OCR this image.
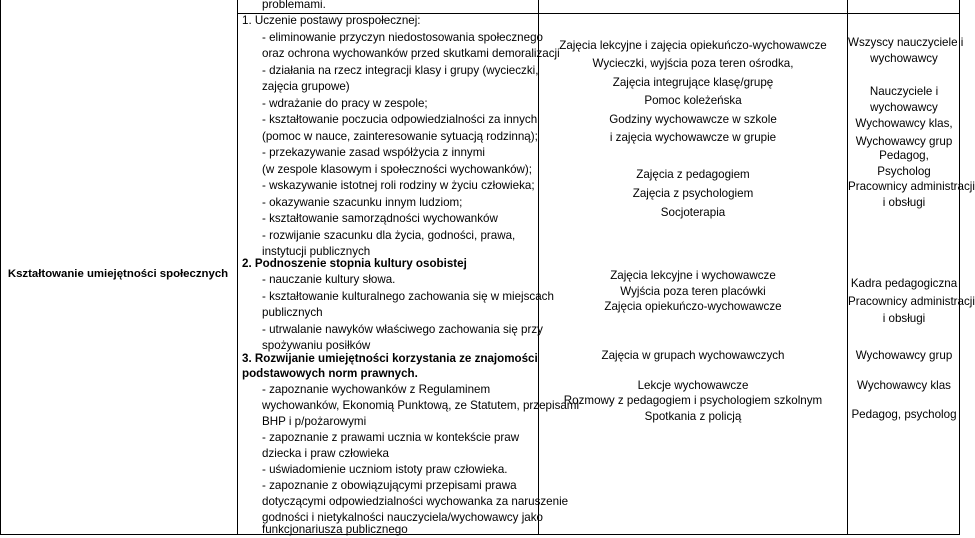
Kształtowanie umiejętności społecznych
problemami.
1. Uczenie postawy prospołecznej:
- eliminowanie przyczyn niedostosowania społecznego
oraz ochrona wychowanków przed skutkami demoralizacji
- działania na rzecz integracji klasy i grupy (wycieczki,
zajęcia grupowe)
- wdrażanie do pracy w zespole;
- kształtowanie poczucia odpowiedzialności za innych
(pomoc w nauce, zainteresowanie sytuacją rodzinną);
- przekazywanie zasad współżycia z innymi
(w zespole klasowym i społeczności wychowanków);
- wskazywanie istotnej roli rodziny w życiu człowieka;
- okazywanie szacunku innym ludziom;
- kształtowanie samorządności wychowanków
- rozwijanie szacunku dla życia, godności, prawa,
instytucji publicznych
2. Podnoszenie stopnia kultury osobistej
- nauczanie kultury słowa.
- kształtowanie kulturalnego zachowania się w miejscach
publicznych
- utrwalanie nawyków właściwego zachowania się przy
spożywaniu posiłków
3. Rozwijanie umiejętności korzystania ze znajomości
podstawowych norm prawnych.
- zapoznanie wychowanków z Regulaminem
wychowanków, Ekonomią Punktową, ze Statutem, przepisami
BHP i p/pożarowymi
- zapoznanie z prawami ucznia w kontekście praw
dziecka i praw człowieka
- uświadomienie uczniom istoty praw człowieka.
- zapoznanie z obowiązującymi przepisami prawa
dotyczącymi odpowiedzialności wychowanka za naruszenie
godności i nietykalności nauczyciela/wychowawcy jako
funkcjonariusza publicznego
Zajęcia lekcyjne i zajęcia opiekuńczo-wychowawcze
Wycieczki, wyjścia poza teren ośrodka,
Zajęcia integrujące klasę/grupę
Pomoc koleżeńska
Godziny wychowawcze w szkole
i zajęcia wychowawcze w grupie
Zajęcia z pedagogiem
Zajęcia z psychologiem
Socjoterapia
Zajęcia lekcyjne i wychowawcze
Wyjścia poza teren placówki
Zajęcia opiekuńczo-wychowawcze
Zajęcia w grupach wychowawczych
Lekcje wychowawcze
Rozmowy z pedagogiem i psychologiem szkolnym
Spotkania z policją
Wszyscy nauczyciele i
wychowawcy
Nauczyciele i
wychowawcy
Wychowawcy klas,
Wychowawcy grup
Pedagog,
Psycholog
Pracownicy administracji
i obsługi
Kadra pedagogiczna
Pracownicy administracji
i obsługi
Wychowawcy grup
Wychowawcy klas
Pedagog, psycholog
